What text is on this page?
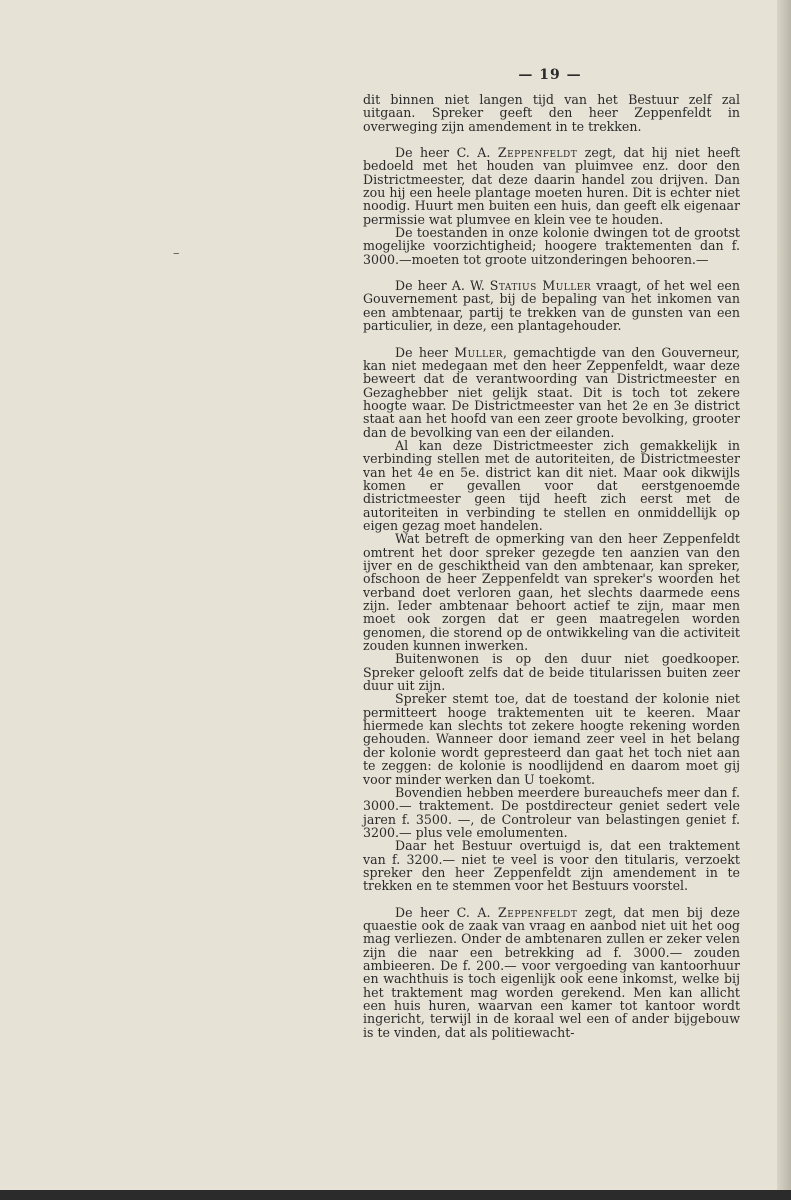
— 19 —
–

dit binnen niet langen tijd van het Bestuur zelf zal uitgaan. Spreker geeft den heer Zeppenfeldt in overweging zijn amendement in te trekken.

De heer C. A. Zeppenfeldt zegt, dat hij niet heeft bedoeld met het houden van pluimvee enz. door den Districtmeester, dat deze daarin handel zou drijven. Dan zou hij een heele plantage moeten huren. Dit is echter niet noodig. Huurt men buiten een huis, dan geeft elk eigenaar permissie wat plumvee en klein vee te houden.

De toestanden in onze kolonie dwingen tot de grootst mogelijke voorzichtigheid; hoogere traktementen dan f. 3000.—moeten tot groote uitzonderingen behooren.—

De heer A. W. Statius Muller vraagt, of het wel een Gouvernement past, bij de bepaling van het inkomen van een ambtenaar, partij te trekken van de gunsten van een particulier, in deze, een plantagehouder.

De heer Muller, gemachtigde van den Gouverneur, kan niet medegaan met den heer Zeppenfeldt, waar deze beweert dat de verantwoording van Districtmeester en Gezaghebber niet gelijk staat. Dit is toch tot zekere hoogte waar. De Districtmeester van het 2e en 3e district staat aan het hoofd van een zeer groote bevolking, grooter dan de bevolking van een der eilanden.

Al kan deze Districtmeester zich gemakkelijk in verbinding stellen met de autoriteiten, de Districtmeester van het 4e en 5e. district kan dit niet. Maar ook dikwijls komen er gevallen voor dat eerstgenoemde districtmeester geen tijd heeft zich eerst met de autoriteiten in verbinding te stellen en onmiddellijk op eigen gezag moet handelen.

Wat betreft de opmerking van den heer Zeppenfeldt omtrent het door spreker gezegde ten aanzien van den ijver en de geschiktheid van den ambtenaar, kan spreker, ofschoon de heer Zeppenfeldt van spreker's woorden het verband doet verloren gaan, het slechts daarmede eens zijn. Ieder ambtenaar behoort actief te zijn, maar men moet ook zorgen dat er geen maatregelen worden genomen, die storend op de ontwikkeling van die activiteit zouden kunnen inwerken.

Buitenwonen is op den duur niet goedkooper. Spreker gelooft zelfs dat de beide titularissen buiten zeer duur uit zijn.

Spreker stemt toe, dat de toestand der kolonie niet permitteert hooge traktementen uit te keeren. Maar hiermede kan slechts tot zekere hoogte rekening worden gehouden. Wanneer door iemand zeer veel in het belang der kolonie wordt gepresteerd dan gaat het toch niet aan te zeggen: de kolonie is noodlijdend en daarom moet gij voor minder werken dan U toekomt.

Bovendien hebben meerdere bureauchefs meer dan f. 3000.— traktement. De postdirecteur geniet sedert vele jaren f. 3500. —, de Controleur van belastingen geniet f. 3200.— plus vele emolumenten.

Daar het Bestuur overtuigd is, dat een traktement van f. 3200.— niet te veel is voor den titularis, verzoekt spreker den heer Zeppenfeldt zijn amendement in te trekken en te stemmen voor het Bestuurs voorstel.

De heer C. A. Zeppenfeldt zegt, dat men bij deze quaestie ook de zaak van vraag en aanbod niet uit het oog mag verliezen. Onder de ambtenaren zullen er zeker velen zijn die naar een betrekking ad f. 3000.— zouden ambieeren. De f. 200.— voor vergoeding van kantoorhuur en wachthuis is toch eigenlijk ook eene inkomst, welke bij het traktement mag worden gerekend. Men kan allicht een huis huren, waarvan een kamer tot kantoor wordt ingericht, terwijl in de koraal wel een of ander bijgebouw is te vinden, dat als politiewacht-
